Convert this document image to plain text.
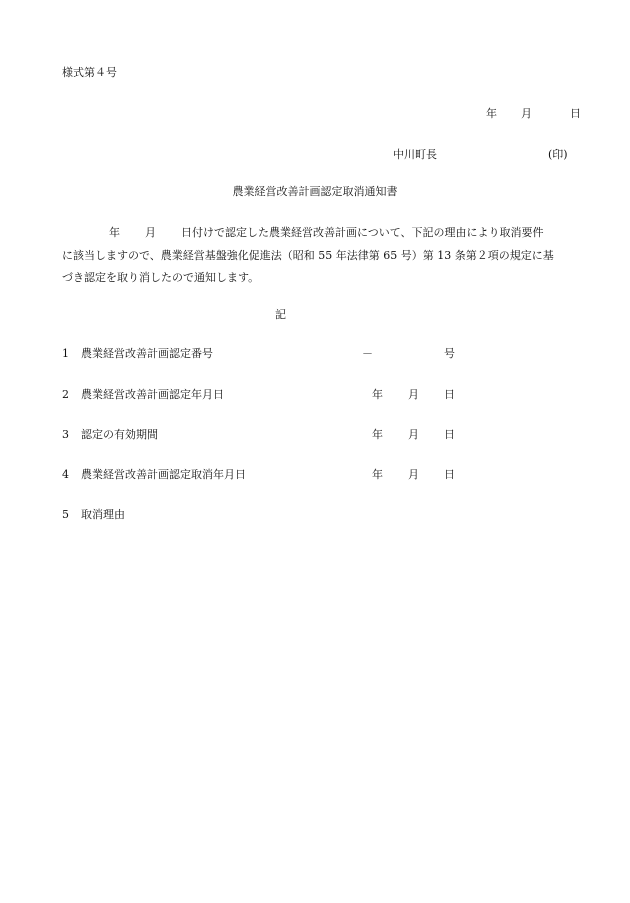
様式第４号
年 月	日
中川町長	(印)
農業経営改善計画認定取消通知書
年 月 日付けで認定した農業経営改善計画について、下記の理由により取消要件
に該当しますので、農業経営基盤強化促進法（昭和 55 年法律第 65 号）第 13 条第２項の規定に基
づき認定を取り消したので通知します。
記
1 農業経営改善計画認定番号	－	号
2 農業経営改善計画認定年月日	年 月 日
3 認定の有効期間	年 月 日
4 農業経営改善計画認定取消年月日	年 月 日
5 取消理由
